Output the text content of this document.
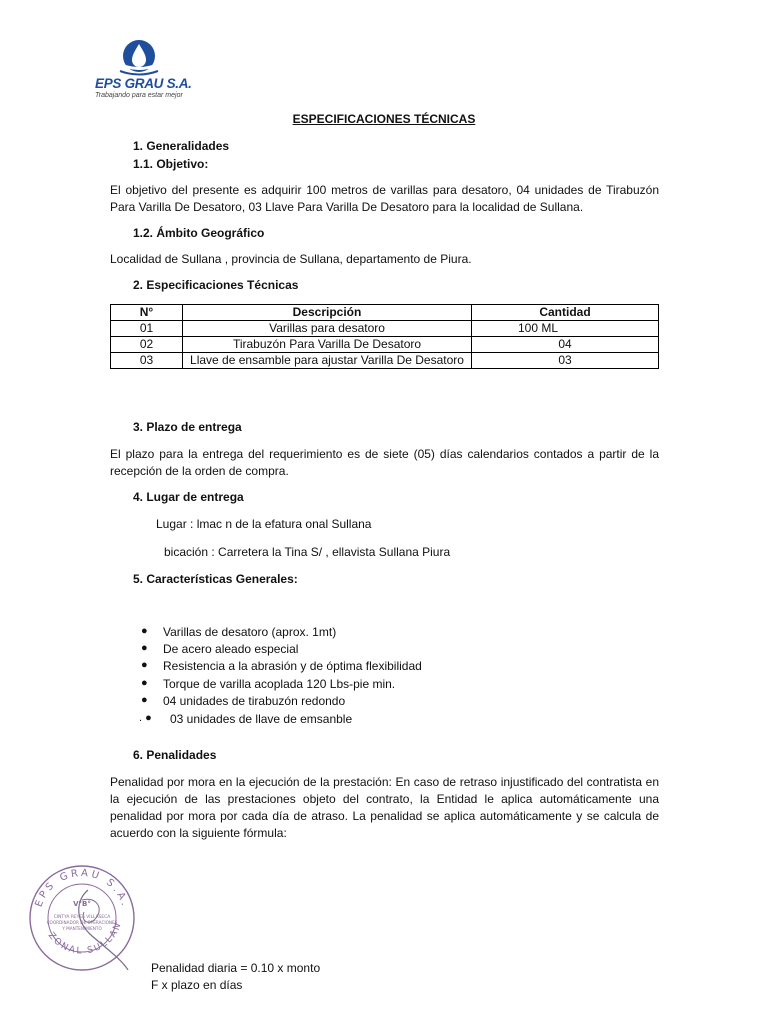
EPS GRAU S.A.
Trabajando para estar mejor
ESPECIFICACIONES TÉCNICAS
1. Generalidades
1.1. Objetivo:
El objetivo del presente es adquirir 100 metros de varillas para desatoro, 04 unidades de Tirabuzón Para Varilla De Desatoro, 03 Llave Para Varilla De Desatoro para la localidad de Sullana.
1.2. Ámbito Geográfico
Localidad de Sullana , provincia de Sullana, departamento de Piura.
2. Especificaciones Técnicas
N°	Descripción	Cantidad
01	Varillas para desatoro	100 ML
02	Tirabuzón Para Varilla De Desatoro	04
03	Llave de ensamble para ajustar Varilla De Desatoro	03
3. Plazo de entrega
El plazo para la entrega del requerimiento es de siete (05) días calendarios contados a partir de la recepción de la orden de compra.
4. Lugar de entrega
Lugar : lmac n de la efatura onal Sullana
bicación : Carretera la Tina S/ , ellavista Sullana Piura
5. Características Generales:
● Varillas de desatoro (aprox. 1mt)
● De acero aleado especial
● Resistencia a la abrasión y de óptima flexibilidad
● Torque de varilla acoplada 120 Lbs-pie min.
● 04 unidades de tirabuzón redondo
. ● 03 unidades de llave de emsanble
6. Penalidades
Penalidad por mora en la ejecución de la prestación: En caso de retraso injustificado del contratista en la ejecución de las prestaciones objeto del contrato, la Entidad le aplica automáticamente una penalidad por mora por cada día de atraso. La penalidad se aplica automáticamente y se calcula de acuerdo con la siguiente fórmula:
EPS GRAU S.A.
ZONAL SULLAN
V°B°
CINTYA REYES VILLASECA
COORDINADOR DE OPERACIONES
Y MANTENIMIENTO
Penalidad diaria = 0.10 x monto
F x plazo en días
